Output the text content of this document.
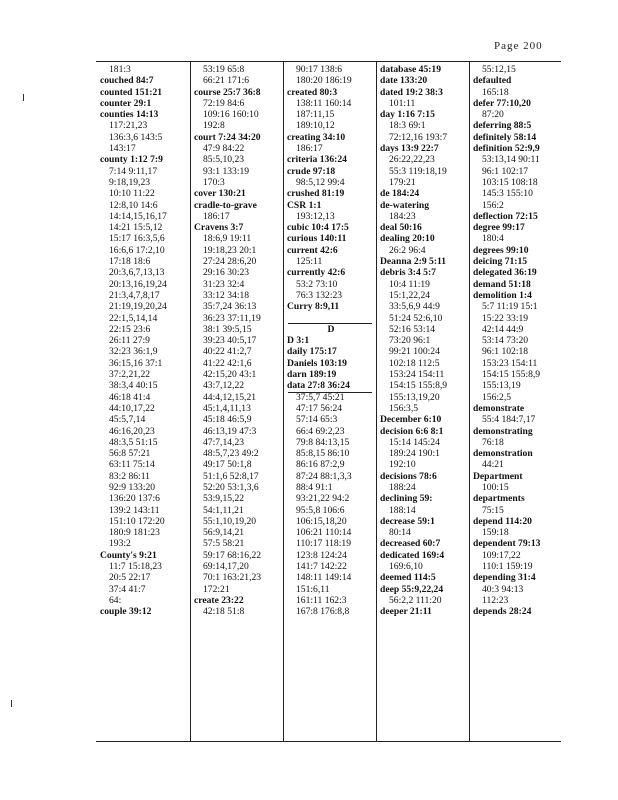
Page 200
181:3
couched 84:7
counted 151:21
counter 29:1
counties 14:13
117:21,23
136:3,6 143:5
143:17
county 1:12 7:9
7:14 9:11,17
9:18,19,23
10:10 11:22
12:8,10 14:6
14:14,15,16,17
14:21 15:5,12
15:17 16:3,5,6
16:6,6 17:2,10
17:18 18:6
20:3,6,7,13,13
20:13,16,19,24
21:3,4,7,8,17
21:19,19,20,24
22:1,5,14,14
22:15 23:6
26:11 27:9
32:23 36:1,9
36:15,16 37:1
37:2,21,22
38:3,4 40:15
46:18 41:4
44:10,17,22
45:5,7,14
46:16,20,23
48:3,5 51:15
56:8 57:21
63:11 75:14
83:2 86:11
92:9 133:20
136:20 137:6
139:2 143:11
151:10 172:20
180:9 181:23
193:2
County's 9:21
11:7 15:18,23
20:5 22:17
37:4 41:7
64:
couple 39:12
53:19 65:8
66:21 171:6
course 25:7 36:8
72:19 84:6
109:16 160:10
192:8
court 7:24 34:20
47:9 84:22
85:5,10,23
93:1 133:19
170:3
cover 130:21
cradle-to-grave
186:17
Cravens 3:7
18:6,9 19:11
19:18,23 20:1
27:24 28:6,20
29:16 30:23
31:23 32:4
33:12 34:18
35:7,24 36:13
36:23 37:11,19
38:1 39:5,15
39:23 40:5,17
40:22 41:2,7
41:22 42:1,6
42:15,20 43:1
43:7,12,22
44:4,12,15,21
45:1,4,11,13
45:18 46:5,9
46:13,19 47:3
47:7,14,23
48:5,7,23 49:2
49:17 50:1,8
51:1,6 52:8,17
52:20 53:1,3,6
53:9,15,22
54:1,11,21
55:1,10,19,20
56:9,14,21
57:5 58:21
59:17 68:16,22
69:14,17,20
70:1 163:21,23
172:21
create 23:22
42:18 51:8
90:17 138:6
180:20 186:19
created 80:3
138:11 160:14
187:11,15
189:10,12
creating 34:10
186:17
criteria 136:24
crude 97:18
98:5,12 99:4
crushed 81:19
CSR 1:1
193:12,13
cubic 10:4 17:5
curious 140:11
current 42:6
125:11
currently 42:6
53:2 73:10
76:3 132:23
Curry 8:9,11
D
D 3:1
daily 175:17
Daniels 103:19
darn 189:19
data 27:8 36:24
37:5,7 45:21
47:17 56:24
57:14 65:3
66:4 69:2,23
79:8 84:13,15
85:8,15 86:10
86:16 87:2,9
87:24 88:1,3,3
88:4 91:1
93:21,22 94:2
95:5,8 106:6
106:15,18,20
106:21 110:14
110:17 118:19
123:8 124:24
141:7 142:22
148:11 149:14
151:6,11
161:11 162:3
167:8 176:8,8
database 45:19
date 133:20
dated 19:2 38:3
101:11
day 1:16 7:15
18:3 69:1
72:12,16 193:7
days 13:9 22:7
26:22,22,23
55:3 119:18,19
179:21
de 184:24
de-watering
184:23
deal 50:16
dealing 20:10
26:2 96:4
Deanna 2:9 5:11
debris 3:4 5:7
10:4 11:19
15:1,22,24
33:5,6,9 44:9
51:24 52:6,10
52:16 53:14
73:20 96:1
99:21 100:24
102:18 112:5
153:24 154:11
154:15 155:8,9
155:13,19,20
156:3,5
December 6:10
decision 6:6 8:1
15:14 145:24
189:24 190:1
192:10
decisions 78:6
188:24
declining 59:
188:14
decrease 59:1
80:14
decreased 60:7
dedicated 169:4
169:6,10
deemed 114:5
deep 55:9,22,24
56:2,2 111:20
deeper 21:11
55:12,15
defaulted
165:18
defer 77:10,20
87:20
deferring 88:5
definitely 58:14
definition 52:9,9
53:13,14 90:11
96:1 102:17
103:15 108:18
145:3 155:10
156:2
deflection 72:15
degree 99:17
180:4
degrees 99:10
deicing 71:15
delegated 36:19
demand 51:18
demolition 1:4
5:7 11:19 15:1
15:22 33:19
42:14 44:9
53:14 73:20
96:1 102:18
153:23 154:11
154:15 155:8,9
155:13,19
156:2,5
demonstrate
55:4 184:7,17
demonstrating
76:18
demonstration
44:21
Department
100:15
departments
75:15
depend 114:20
159:18
dependent 79:13
109:17,22
110:1 159:19
depending 31:4
40:3 94:13
112:23
depends 28:24
